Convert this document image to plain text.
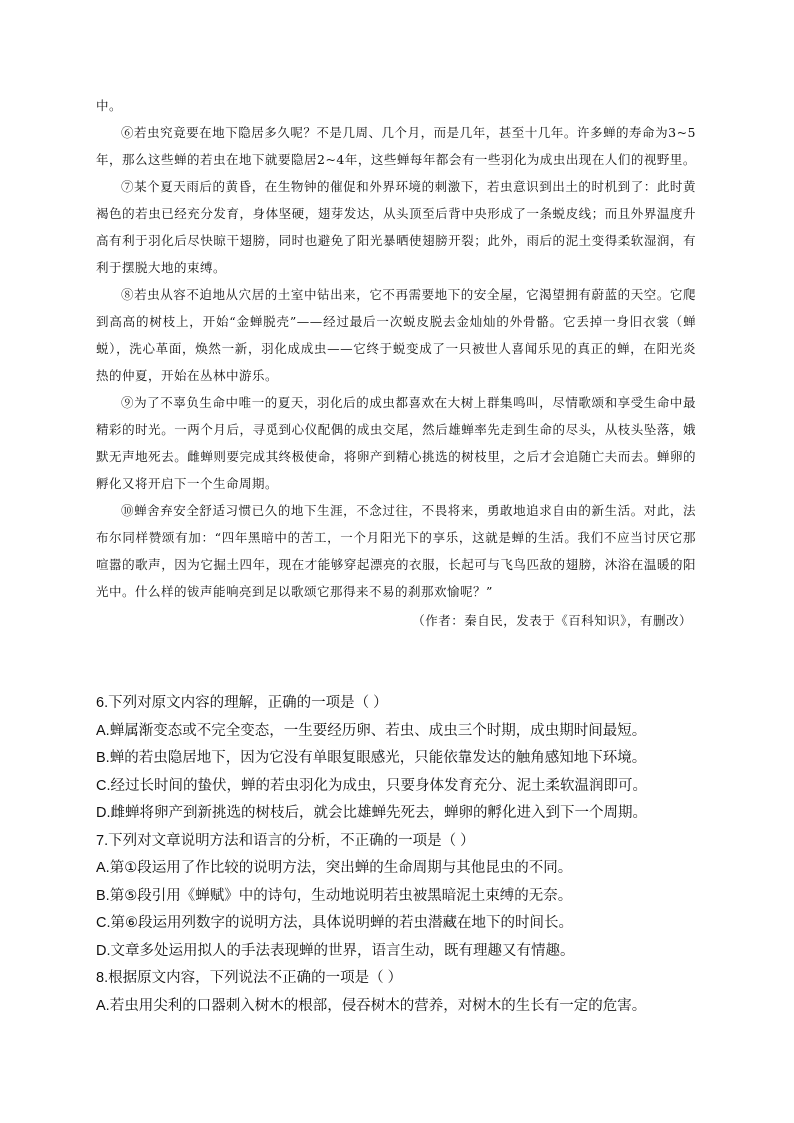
中。

⑥若虫究竟要在地下隐居多久呢？不是几周、几个月，而是几年，甚至十几年。许多蝉的寿命为3~5年，那么这些蝉的若虫在地下就要隐居2~4年，这些蝉每年都会有一些羽化为成虫出现在人们的视野里。

⑦某个夏天雨后的黄昏，在生物钟的催促和外界环境的刺激下，若虫意识到出土的时机到了：此时黄褐色的若虫已经充分发育，身体坚硬，翅芽发达，从头顶至后背中央形成了一条蜕皮线；而且外界温度升高有利于羽化后尽快晾干翅膀，同时也避免了阳光暴晒使翅膀开裂；此外，雨后的泥土变得柔软湿润，有利于摆脱大地的束缚。

⑧若虫从容不迫地从穴居的土室中钻出来，它不再需要地下的安全屋，它渴望拥有蔚蓝的天空。它爬到高高的树枝上，开始“金蝉脱壳”——经过最后一次蜕皮脱去金灿灿的外骨骼。它丢掉一身旧衣裳（蝉蜕），洗心革面，焕然一新，羽化成成虫——它终于蜕变成了一只被世人喜闻乐见的真正的蝉，在阳光炎热的仲夏，开始在丛林中游乐。

⑨为了不辜负生命中唯一的夏天，羽化后的成虫都喜欢在大树上群集鸣叫，尽情歌颂和享受生命中最精彩的时光。一两个月后，寻觅到心仪配偶的成虫交尾，然后雄蝉率先走到生命的尽头，从枝头坠落，娥默无声地死去。雌蝉则要完成其终极使命，将卵产到精心挑选的树枝里，之后才会追随亡夫而去。蝉卵的孵化又将开启下一个生命周期。

⑩蝉舍弃安全舒适习惯已久的地下生涯，不念过往，不畏将来，勇敢地追求自由的新生活。对此，法布尔同样赞颂有加：“四年黑暗中的苦工，一个月阳光下的享乐，这就是蝉的生活。我们不应当讨厌它那喧嚣的歌声，因为它掘土四年，现在才能够穿起漂亮的衣服，长起可与飞鸟匹敌的翅膀，沐浴在温暖的阳光中。什么样的钹声能响亮到足以歌颂它那得来不易的刹那欢愉呢？”

（作者：秦自民，发表于《百科知识》，有删改）

6.下列对原文内容的理解，正确的一项是（ ）

A.蝉属渐变态或不完全变态，一生要经历卵、若虫、成虫三个时期，成虫期时间最短。

B.蝉的若虫隐居地下，因为它没有单眼复眼感光，只能依靠发达的触角感知地下环境。

C.经过长时间的蛰伏，蝉的若虫羽化为成虫，只要身体发育充分、泥土柔软温润即可。

D.雌蝉将卵产到新挑选的树枝后，就会比雄蝉先死去，蝉卵的孵化进入到下一个周期。

7.下列对文章说明方法和语言的分析，不正确的一项是（ ）

A.第①段运用了作比较的说明方法，突出蝉的生命周期与其他昆虫的不同。

B.第⑤段引用《蝉赋》中的诗句，生动地说明若虫被黑暗泥土束缚的无奈。

C.第⑥段运用列数字的说明方法，具体说明蝉的若虫潜藏在地下的时间长。

D.文章多处运用拟人的手法表现蝉的世界，语言生动，既有理趣又有情趣。

8.根据原文内容，下列说法不正确的一项是（ ）

A.若虫用尖利的口器刺入树木的根部，侵吞树木的营养，对树木的生长有一定的危害。
